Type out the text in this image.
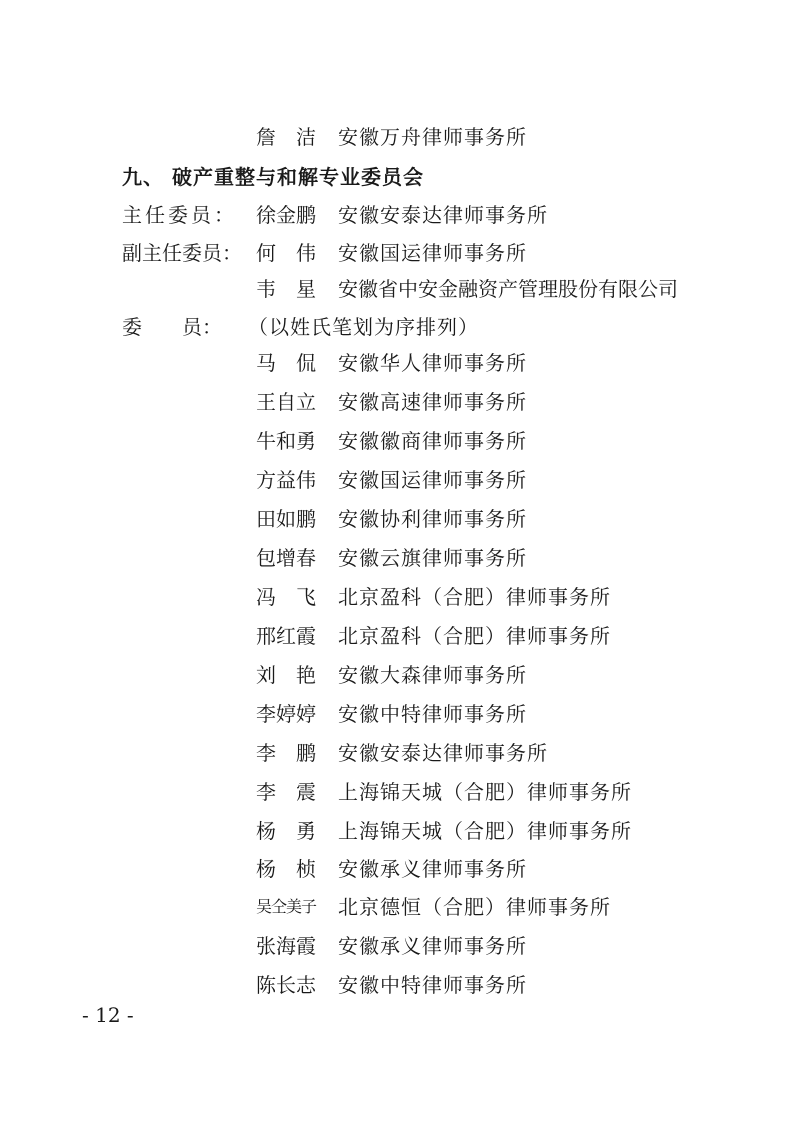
詹　洁 安徽万舟律师事务所
九、 破产重整与和解专业委员会
主任委员： 徐金鹏 安徽安泰达律师事务所
副主任委员： 何　伟 安徽国运律师事务所
韦　星 安徽省中安金融资产管理股份有限公司
委　　员： （以姓氏笔划为序排列）
马　侃 安徽华人律师事务所
王自立 安徽高速律师事务所
牛和勇 安徽徽商律师事务所
方益伟 安徽国运律师事务所
田如鹏 安徽协利律师事务所
包增春 安徽云旗律师事务所
冯　飞 北京盈科（合肥）律师事务所
邢红霞 北京盈科（合肥）律师事务所
刘　艳 安徽大森律师事务所
李婷婷 安徽中特律师事务所
李　鹏 安徽安泰达律师事务所
李　震 上海锦天城（合肥）律师事务所
杨　勇 上海锦天城（合肥）律师事务所
杨　桢 安徽承义律师事务所
吴仝美子 北京德恒（合肥）律师事务所
张海霞 安徽承义律师事务所
陈长志 安徽中特律师事务所
- 12 -
